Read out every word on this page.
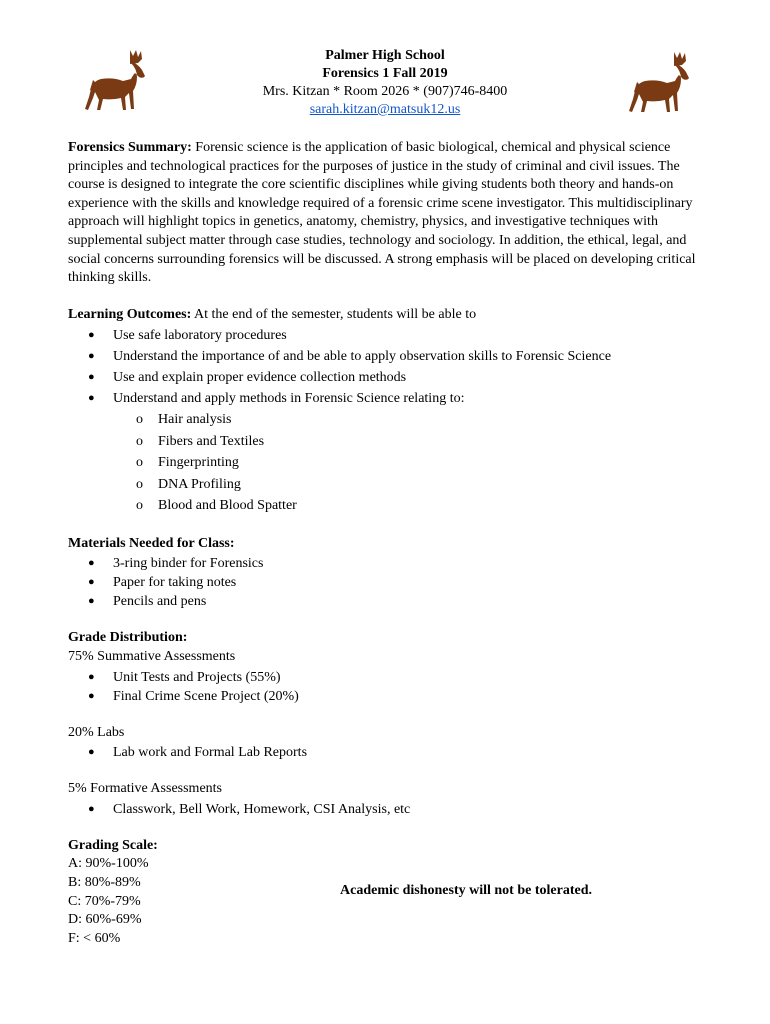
Palmer High School
Forensics 1 Fall 2019
Mrs. Kitzan * Room 2026 * (907)746-8400
sarah.kitzan@matsuk12.us

Forensics Summary: Forensic science is the application of basic biological, chemical and physical science principles and technological practices for the purposes of justice in the study of criminal and civil issues. The course is designed to integrate the core scientific disciplines while giving students both theory and hands-on experience with the skills and knowledge required of a forensic crime scene investigator. This multidisciplinary approach will highlight topics in genetics, anatomy, chemistry, physics, and investigative techniques with supplemental subject matter through case studies, technology and sociology. In addition, the ethical, legal, and social concerns surrounding forensics will be discussed. A strong emphasis will be placed on developing critical thinking skills.

Learning Outcomes: At the end of the semester, students will be able to

● Use safe laboratory procedures
● Understand the importance of and be able to apply observation skills to Forensic Science
● Use and explain proper evidence collection methods
● Understand and apply methods in Forensic Science relating to:
o Hair analysis
o Fibers and Textiles
o Fingerprinting
o DNA Profiling
o Blood and Blood Spatter

Materials Needed for Class:

● 3-ring binder for Forensics
● Paper for taking notes
● Pencils and pens

Grade Distribution:

75% Summative Assessments

● Unit Tests and Projects (55%)
● Final Crime Scene Project (20%)

20% Labs

● Lab work and Formal Lab Reports

5% Formative Assessments

● Classwork, Bell Work, Homework, CSI Analysis, etc

Grading Scale:

A: 90%-100%

B: 80%-89%

C: 70%-79%

D: 60%-69%

F: < 60%

Academic dishonesty will not be tolerated.
